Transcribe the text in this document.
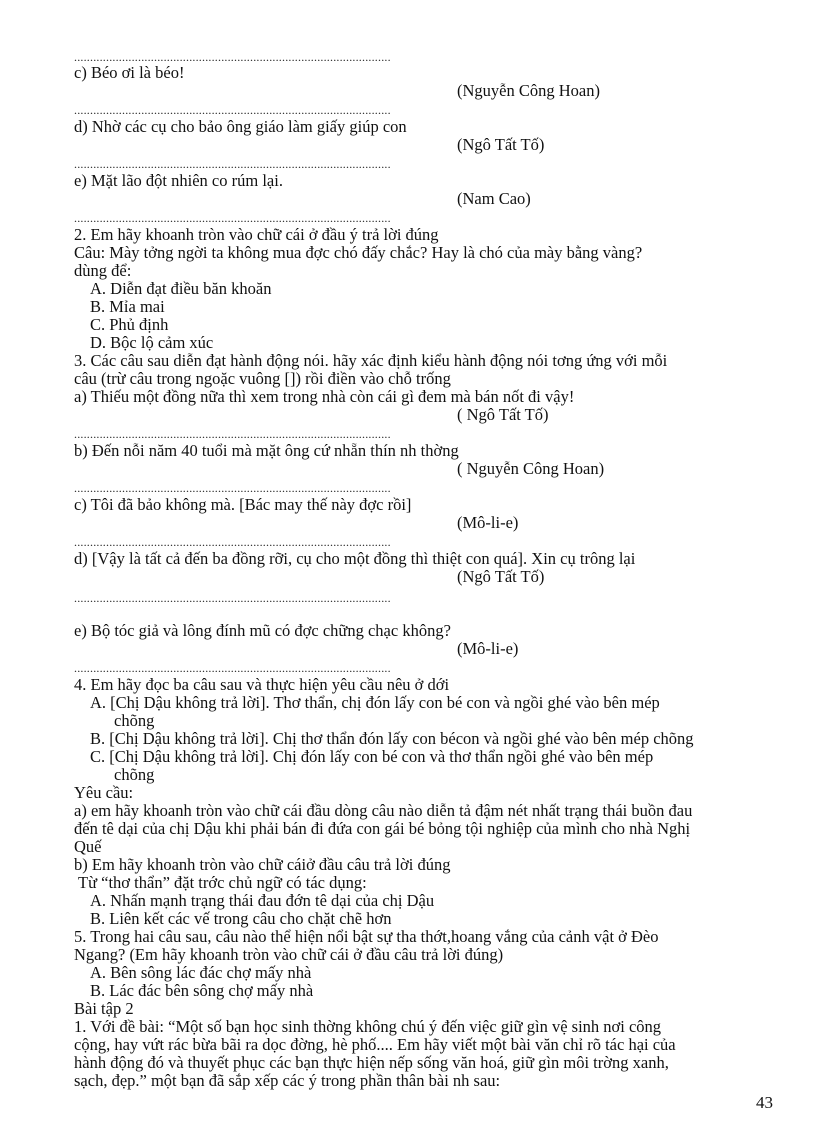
...................................................................................................
c) Béo ơi là béo!
(Nguyễn Công Hoan)
...................................................................................................
d) Nhờ các cụ cho bảo ông giáo làm giấy giúp con
(Ngô Tất Tố)
...................................................................................................
e) Mặt lão đột nhiên co rúm lại.
(Nam Cao)
...................................................................................................
2. Em hãy khoanh tròn vào chữ cái ở đầu ý trả lời đúng
Câu: Mày tởng ngời ta không mua đợc chó đấy chắc? Hay là chó của mày bằng vàng?
dùng để:
A. Diễn đạt điều băn khoăn
B. Mỉa mai
C. Phủ định
D. Bộc lộ cảm xúc
3. Các câu sau diễn đạt hành động nói. hãy xác định kiểu hành động nói tơng ứng với mỗi
câu (trừ câu trong ngoặc vuông []) rồi điền vào chỗ trống
a) Thiếu một đồng nữa thì xem trong nhà còn cái gì đem mà bán nốt đi vậy!
( Ngô Tất Tố)
...................................................................................................
b) Đến nỗi năm 40 tuổi mà mặt ông cứ nhẵn thín nh thờng
( Nguyễn Công Hoan)
...................................................................................................
c) Tôi đã bảo không mà. [Bác may thế này đợc rồi]
(Mô-li-e)
...................................................................................................
d) [Vậy là tất cả đến ba đồng rỡi, cụ cho một đồng thì thiệt con quá]. Xin cụ trông lại
(Ngô Tất Tố)
...................................................................................................
e) Bộ tóc giả và lông đính mũ có đợc chững chạc không?
(Mô-li-e)
...................................................................................................
4. Em hãy đọc ba câu sau và thực hiện yêu cầu nêu ở dới
A. [Chị Dậu không trả lời]. Thơ thẩn, chị đón lấy con bé con và ngồi ghé vào bên mép
chõng
B. [Chị Dậu không trả lời]. Chị thơ thẩn đón lấy con bécon và ngồi ghé vào bên mép chõng
C. [Chị Dậu không trả lời]. Chị đón lấy con bé con và thơ thẩn ngồi ghé vào bên mép
chõng
Yêu cầu:
a) em hãy khoanh tròn vào chữ cái đầu dòng câu nào diễn tả đậm nét nhất trạng thái buồn đau
đến tê dại của chị Dậu khi phải bán đi đứa con gái bé bỏng tội nghiệp của mình cho nhà Nghị
Quế
b) Em hãy khoanh tròn vào chữ cáiở đầu câu trả lời đúng
Từ “thơ thẩn” đặt trớc chủ ngữ có tác dụng:
A. Nhấn mạnh trạng thái đau đớn tê dại của chị Dậu
B. Liên kết các vế trong câu cho chặt chẽ hơn
5. Trong hai câu sau, câu nào thể hiện nổi bật sự tha thớt,hoang vắng của cảnh vật ở Đèo
Ngang? (Em hãy khoanh tròn vào chữ cái ở đầu câu trả lời đúng)
A. Bên sông lác đác chợ mấy nhà
B. Lác đác bên sông chợ mấy nhà
Bài tập 2
1. Với đề bài: “Một số bạn học sinh thờng không chú ý đến việc giữ gìn vệ sinh nơi công
cộng, hay vứt rác bừa bãi ra dọc đờng, hè phố.... Em hãy viết một bài văn chỉ rõ tác hại của
hành động đó và thuyết phục các bạn thực hiện nếp sống văn hoá, giữ gìn môi trờng xanh,
sạch, đẹp.” một bạn đã sắp xếp các ý trong phần thân bài nh sau:
43
